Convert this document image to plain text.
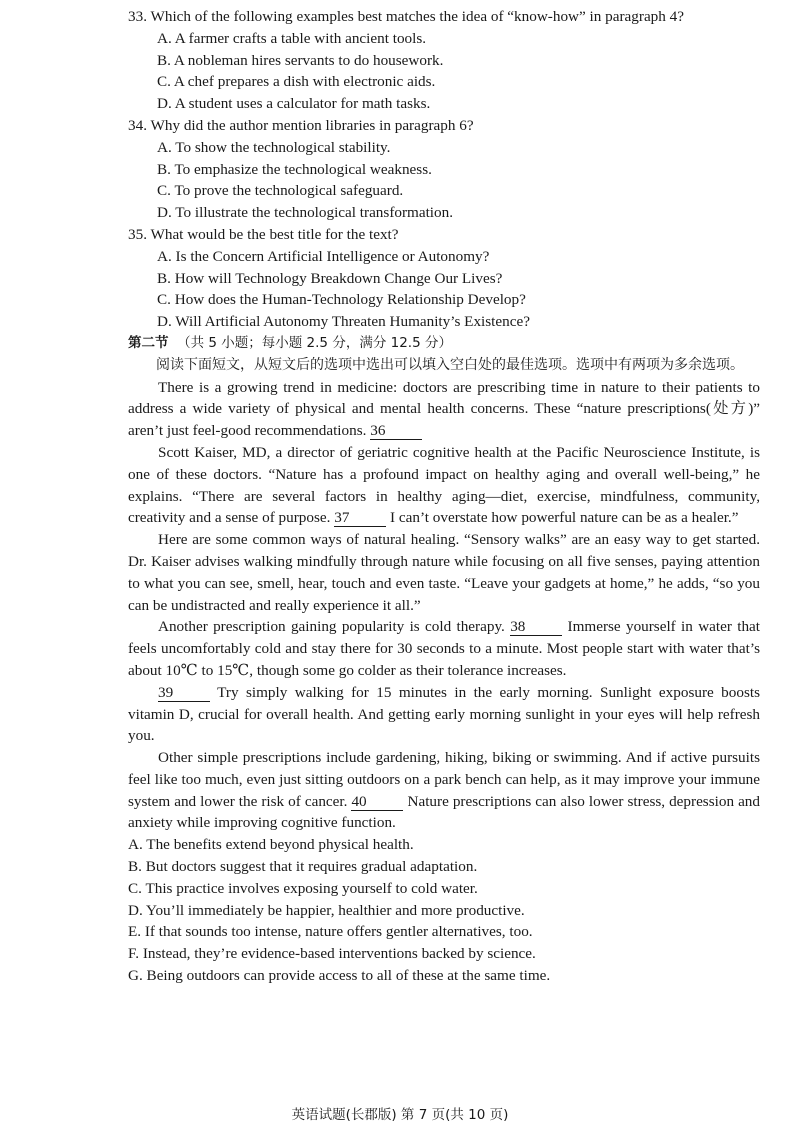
33. Which of the following examples best matches the idea of “know-how” in paragraph 4?

A. A farmer crafts a table with ancient tools.

B. A nobleman hires servants to do housework.

C. A chef prepares a dish with electronic aids.

D. A student uses a calculator for math tasks.

34. Why did the author mention libraries in paragraph 6?

A. To show the technological stability.

B. To emphasize the technological weakness.

C. To prove the technological safeguard.

D. To illustrate the technological transformation.

35. What would be the best title for the text?

A. Is the Concern Artificial Intelligence or Autonomy?

B. How will Technology Breakdown Change Our Lives?

C. How does the Human-Technology Relationship Develop?

D. Will Artificial Autonomy Threaten Humanity’s Existence?

第二节 （共 5 小题；每小题 2.5 分，满分 12.5 分）

阅读下面短文，从短文后的选项中选出可以填入空白处的最佳选项。选项中有两项为多余选项。

There is a growing trend in medicine: doctors are prescribing time in nature to their patients to address a wide variety of physical and mental health concerns. These “nature prescriptions(处方)” aren’t just feel-good recommendations. 36

Scott Kaiser, MD, a director of geriatric cognitive health at the Pacific Neuroscience Institute, is one of these doctors. “Nature has a profound impact on healthy aging and overall well-being,” he explains. “There are several factors in healthy aging—diet, exercise, mindfulness, community, creativity and a sense of purpose. 37	I can’t overstate how powerful nature can be as a healer.”

Here are some common ways of natural healing. “Sensory walks” are an easy way to get started. Dr. Kaiser advises walking mindfully through nature while focusing on all five senses, paying attention to what you can see, smell, hear, touch and even taste. “Leave your gadgets at home,” he adds, “so you can be undistracted and really experience it all.”

Another prescription gaining popularity is cold therapy. 38	Immerse yourself in water that feels uncomfortably cold and stay there for 30 seconds to a minute. Most people start with water that’s about 10℃ to 15℃, though some go colder as their tolerance increases.

39	Try simply walking for 15 minutes in the early morning. Sunlight exposure boosts vitamin D, crucial for overall health. And getting early morning sunlight in your eyes will help refresh you.

Other simple prescriptions include gardening, hiking, biking or swimming. And if active pursuits feel like too much, even just sitting outdoors on a park bench can help, as it may improve your immune system and lower the risk of cancer. 40	Nature prescriptions can also lower stress, depression and anxiety while improving cognitive function.

A. The benefits extend beyond physical health.

B. But doctors suggest that it requires gradual adaptation.

C. This practice involves exposing yourself to cold water.

D. You’ll immediately be happier, healthier and more productive.

E. If that sounds too intense, nature offers gentler alternatives, too.

F. Instead, they’re evidence-based interventions backed by science.

G. Being outdoors can provide access to all of these at the same time.

英语试题(长郡版) 第 7 页(共 10 页)
